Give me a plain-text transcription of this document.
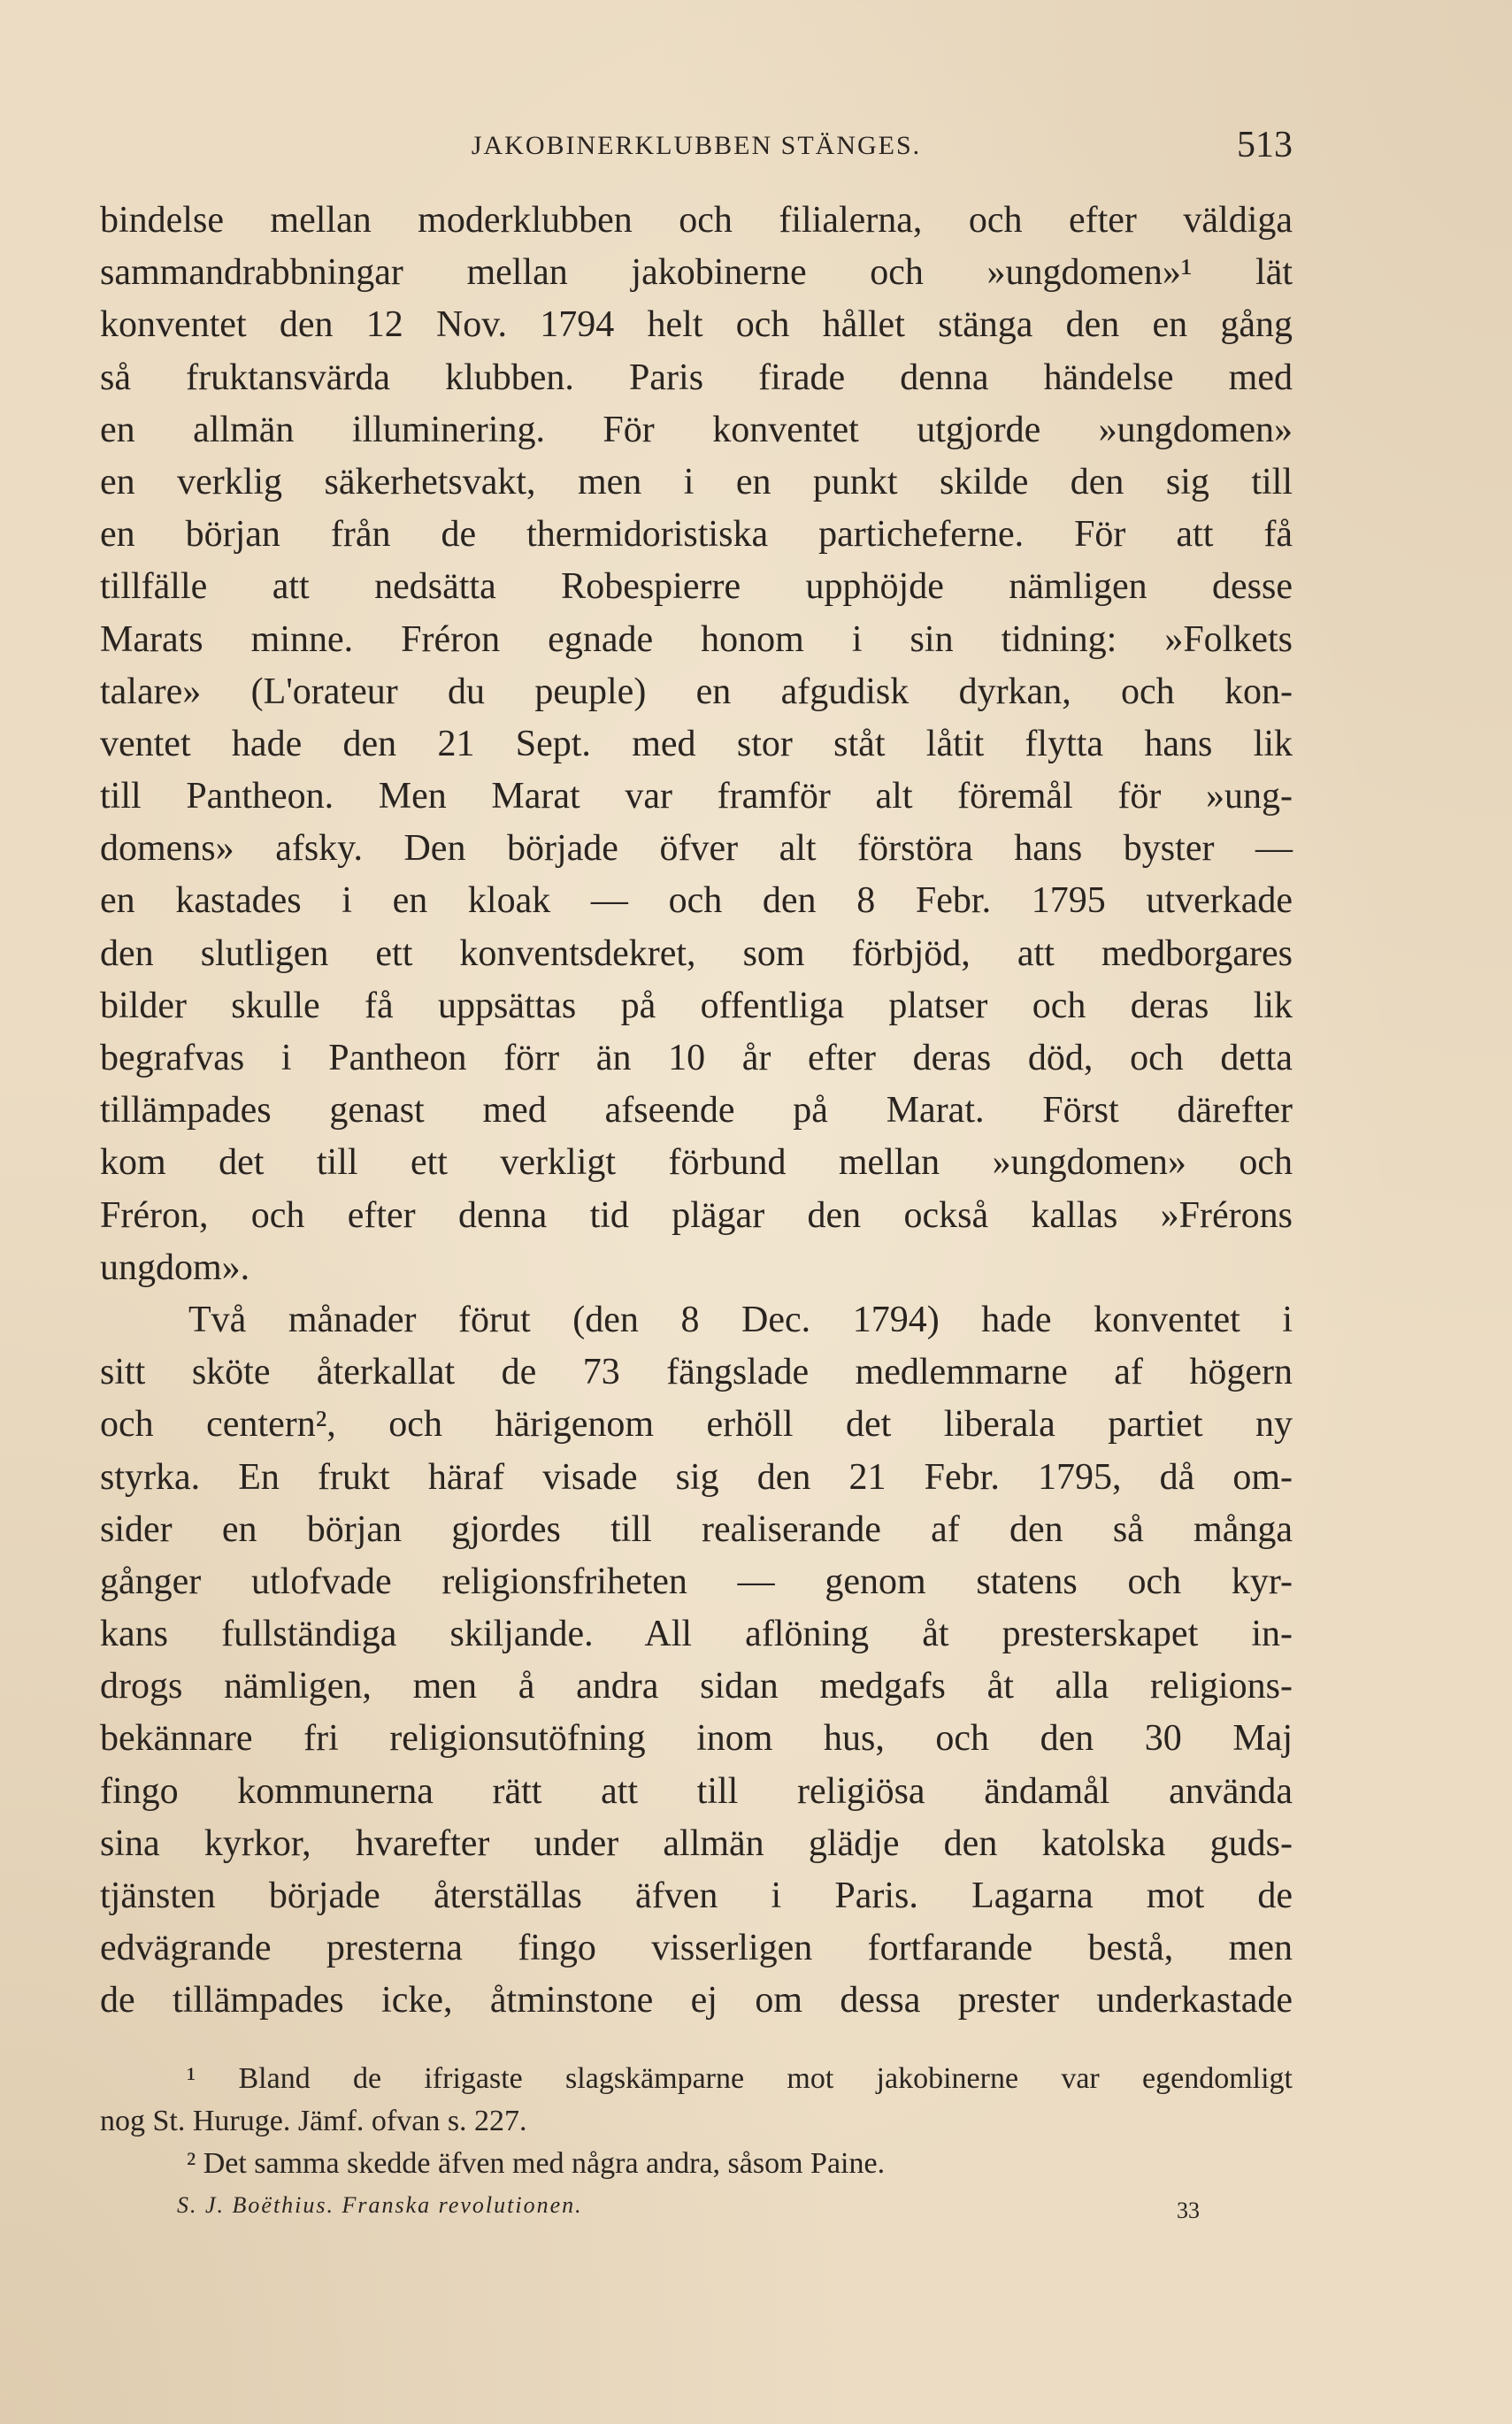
JAKOBINERKLUBBEN STÄNGES.	513
bindelse mellan moderklubben och filialerna, och efter väldiga
sammandrabbningar mellan jakobinerne och »ungdomen»¹ lät
konventet den 12 Nov. 1794 helt och hållet stänga den en gång
så fruktansvärda klubben. Paris firade denna händelse med
en allmän illuminering. För konventet utgjorde »ungdomen»
en verklig säkerhetsvakt, men i en punkt skilde den sig till
en början från de thermidoristiska particheferne. För att få
tillfälle att nedsätta Robespierre upphöjde nämligen desse
Marats minne. Fréron egnade honom i sin tidning: »Folkets
talare» (L'orateur du peuple) en afgudisk dyrkan, och kon-
ventet hade den 21 Sept. med stor ståt låtit flytta hans lik
till Pantheon. Men Marat var framför alt föremål för »ung-
domens» afsky. Den började öfver alt förstöra hans byster —
en kastades i en kloak — och den 8 Febr. 1795 utverkade
den slutligen ett konventsdekret, som förbjöd, att medborgares
bilder skulle få uppsättas på offentliga platser och deras lik
begrafvas i Pantheon förr än 10 år efter deras död, och detta
tillämpades genast med afseende på Marat. Först därefter
kom det till ett verkligt förbund mellan »ungdomen» och
Fréron, och efter denna tid plägar den också kallas »Frérons
ungdom».
Två månader förut (den 8 Dec. 1794) hade konventet i
sitt sköte återkallat de 73 fängslade medlemmarne af högern
och centern², och härigenom erhöll det liberala partiet ny
styrka. En frukt häraf visade sig den 21 Febr. 1795, då om-
sider en början gjordes till realiserande af den så många
gånger utlofvade religionsfriheten — genom statens och kyr-
kans fullständiga skiljande. All aflöning åt presterskapet in-
drogs nämligen, men å andra sidan medgafs åt alla religions-
bekännare fri religionsutöfning inom hus, och den 30 Maj
fingo kommunerna rätt att till religiösa ändamål använda
sina kyrkor, hvarefter under allmän glädje den katolska guds-
tjänsten började återställas äfven i Paris. Lagarna mot de
edvägrande presterna fingo visserligen fortfarande bestå, men
de tillämpades icke, åtminstone ej om dessa prester underkastade
¹ Bland de ifrigaste slagskämparne mot jakobinerne var egendomligt
nog St. Huruge. Jämf. ofvan s. 227.
² Det samma skedde äfven med några andra, såsom Paine.
S. J. Boëthius. Franska revolutionen.	33
